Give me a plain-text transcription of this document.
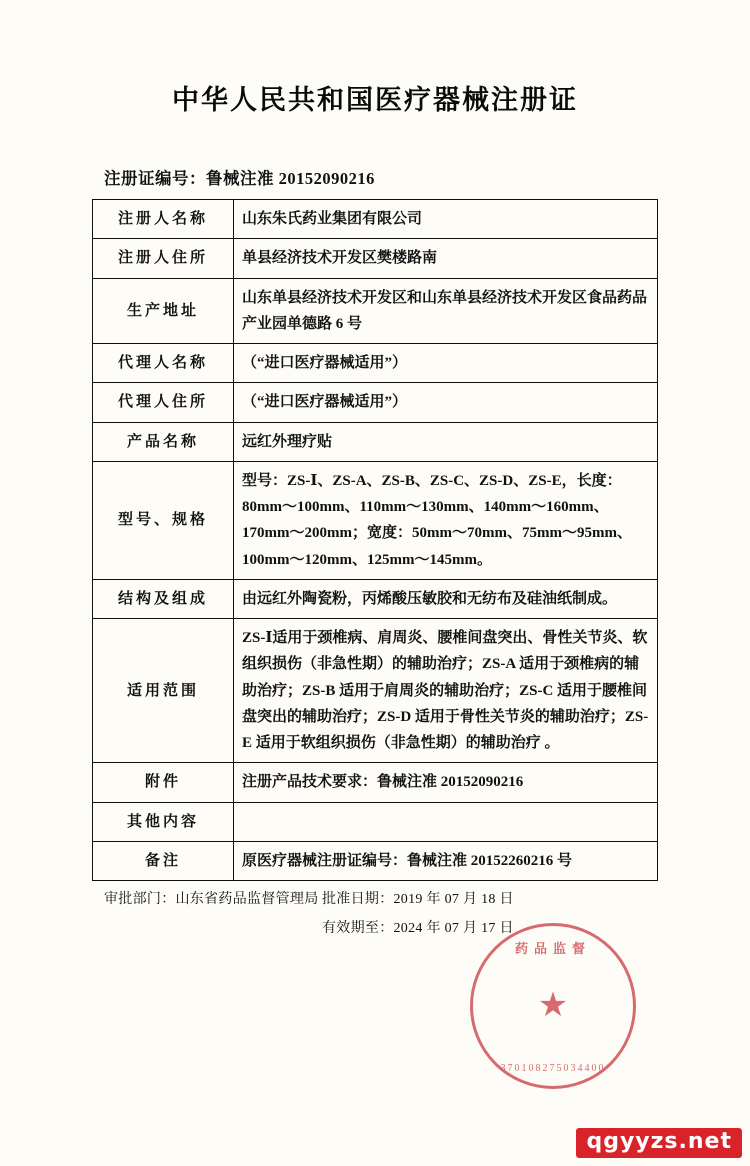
中华人民共和国医疗器械注册证
注册证编号：鲁械注准 20152090216
注册人名称	山东朱氏药业集团有限公司
注册人住所	单县经济技术开发区樊楼路南
生产地址	山东单县经济技术开发区和山东单县经济技术开发区食品药品产业园单德路 6 号
代理人名称	（“进口医疗器械适用”）
代理人住所	（“进口医疗器械适用”）
产品名称	远红外理疗贴
型号、规格	型号：ZS-Ⅰ、ZS-A、ZS-B、ZS-C、ZS-D、ZS-E，长度：80mm～100mm、110mm～130mm、140mm～160mm、170mm～200mm；宽度：50mm～70mm、75mm～95mm、100mm～120mm、125mm～145mm。
结构及组成	由远红外陶瓷粉，丙烯酸压敏胶和无纺布及硅油纸制成。
适用范围	ZS-Ⅰ适用于颈椎病、肩周炎、腰椎间盘突出、骨性关节炎、软组织损伤（非急性期）的辅助治疗；ZS-A 适用于颈椎病的辅助治疗；ZS-B 适用于肩周炎的辅助治疗；ZS-C 适用于腰椎间盘突出的辅助治疗；ZS-D 适用于骨性关节炎的辅助治疗；ZS-E 适用于软组织损伤（非急性期）的辅助治疗 。
附件	注册产品技术要求：鲁械注准 20152090216
其他内容	
备注	原医疗器械注册证编号：鲁械注准 20152260216 号
审批部门：山东省药品监督管理局 批准日期：2019 年 07 月 18 日
有效期至：2024 年 07 月 17 日
药品监督
★
370108275034400
qgyyzs.net
